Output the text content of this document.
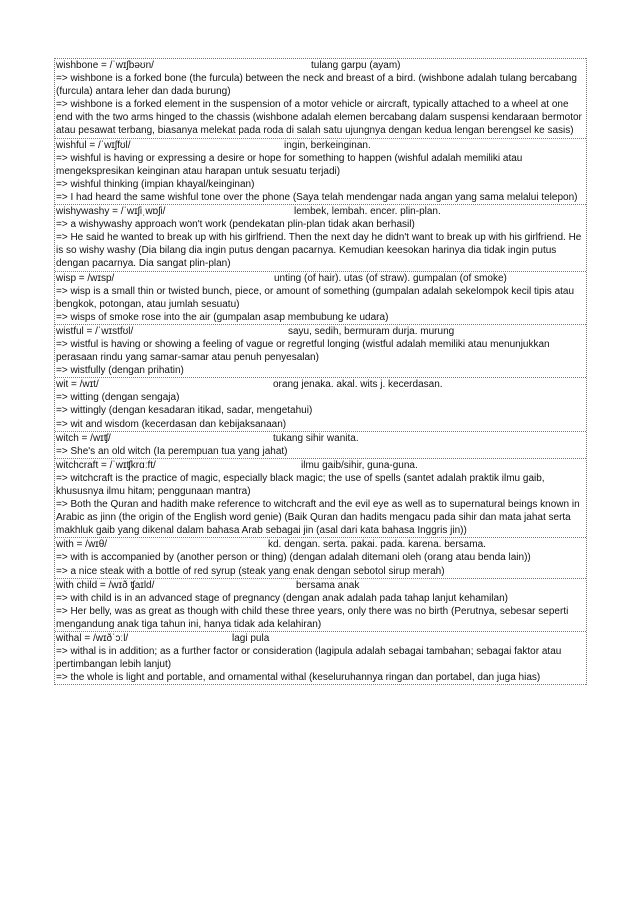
wishbone = /ˈwɪʃbəʊn/	tulang garpu (ayam)

=> wishbone is a forked bone (the furcula) between the neck and breast of a bird. (wishbone adalah tulang bercabang (furcula) antara leher dan dada burung)

=> wishbone is a forked element in the suspension of a motor vehicle or aircraft, typically attached to a wheel at one end with the two arms hinged to the chassis (wishbone adalah elemen bercabang dalam suspensi kendaraan bermotor atau pesawat terbang, biasanya melekat pada roda di salah satu ujungnya dengan kedua lengan berengsel ke sasis)

wishful = /ˈwɪʃfʊl/	ingin, berkeinginan.

=> wishful is having or expressing a desire or hope for something to happen (wishful adalah memiliki atau mengekspresikan keinginan atau harapan untuk sesuatu terjadi)

=> wishful thinking (impian khayal/keinginan)

=> I had heard the same wishful tone over the phone (Saya telah mendengar nada angan yang sama melalui telepon)

wishywashy = /ˈwɪʃiˌwɒʃi/	lembek, lembah. encer. plin-plan.

=> a wishywashy approach won't work (pendekatan plin-plan tidak akan berhasil)

=> He said he wanted to break up with his girlfriend. Then the next day he didn't want to break up with his girlfriend. He is so wishy washy (Dia bilang dia ingin putus dengan pacarnya. Kemudian keesokan harinya dia tidak ingin putus dengan pacarnya. Dia sangat plin-plan)

wisp = /wɪsp/	unting (of hair). utas (of straw). gumpalan (of smoke)

=> wisp is a small thin or twisted bunch, piece, or amount of something (gumpalan adalah sekelompok kecil tipis atau bengkok, potongan, atau jumlah sesuatu)

=> wisps of smoke rose into the air (gumpalan asap membubung ke udara)

wistful = /ˈwɪstfʊl/	sayu, sedih, bermuram durja. murung

=> wistful is having or showing a feeling of vague or regretful longing (wistful adalah memiliki atau menunjukkan perasaan rindu yang samar-samar atau penuh penyesalan)

=> wistfully (dengan prihatin)

wit = /wɪt/	orang jenaka. akal. wits j. kecerdasan.

=> witting (dengan sengaja)

=> wittingly (dengan kesadaran itikad, sadar, mengetahui)

=> wit and wisdom (kecerdasan dan kebijaksanaan)

witch = /wɪʧ/	tukang sihir wanita.

=> She's an old witch (Ia perempuan tua yang jahat)

witchcraft = /ˈwɪʧkrɑːft/	ilmu gaib/sihir, guna-guna.

=> witchcraft is the practice of magic, especially black magic; the use of spells (santet adalah praktik ilmu gaib, khususnya ilmu hitam; penggunaan mantra)

=> Both the Quran and hadith make reference to witchcraft and the evil eye as well as to supernatural beings known in Arabic as jinn (the origin of the English word genie) (Baik Quran dan hadits mengacu pada sihir dan mata jahat serta makhluk gaib yang dikenal dalam bahasa Arab sebagai jin (asal dari kata bahasa Inggris jin))

with = /wɪθ/	kd. dengan. serta. pakai. pada. karena. bersama.

=> with is accompanied by (another person or thing) (dengan adalah ditemani oleh (orang atau benda lain))

=> a nice steak with a bottle of red syrup (steak yang enak dengan sebotol sirup merah)

with child = /wɪð ʧaɪld/	bersama anak

=> with child is in an advanced stage of pregnancy (dengan anak adalah pada tahap lanjut kehamilan)

=> Her belly, was as great as though with child these three years, only there was no birth (Perutnya, sebesar seperti mengandung anak tiga tahun ini, hanya tidak ada kelahiran)

withal = /wɪðˈɔːl/	lagi pula

=> withal is in addition; as a further factor or consideration (lagipula adalah sebagai tambahan; sebagai faktor atau pertimbangan lebih lanjut)

=> the whole is light and portable, and ornamental withal (keseluruhannya ringan dan portabel, dan juga hias)
